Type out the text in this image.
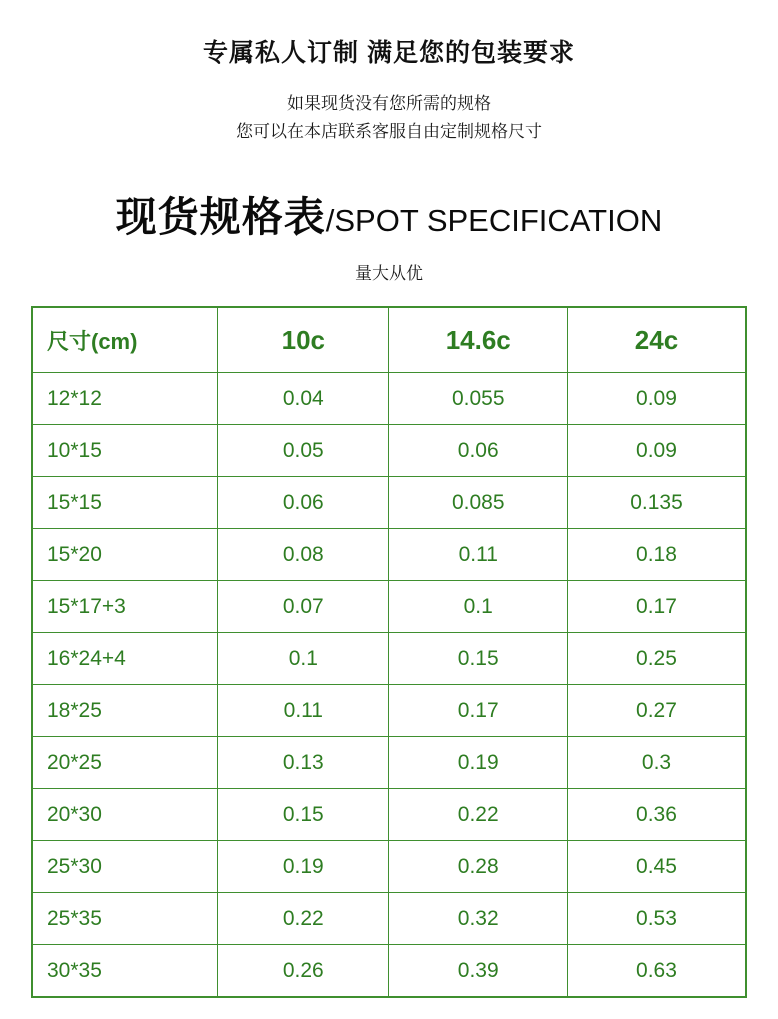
专属私人订制 满足您的包装要求
如果现货没有您所需的规格
您可以在本店联系客服自由定制规格尺寸
现货规格表/SPOT SPECIFICATION
量大从优
尺寸(cm)	10c	14.6c	24c
12*12	0.04	0.055	0.09
10*15	0.05	0.06	0.09
15*15	0.06	0.085	0.135
15*20	0.08	0.11	0.18
15*17+3	0.07	0.1	0.17
16*24+4	0.1	0.15	0.25
18*25	0.11	0.17	0.27
20*25	0.13	0.19	0.3
20*30	0.15	0.22	0.36
25*30	0.19	0.28	0.45
25*35	0.22	0.32	0.53
30*35	0.26	0.39	0.63
